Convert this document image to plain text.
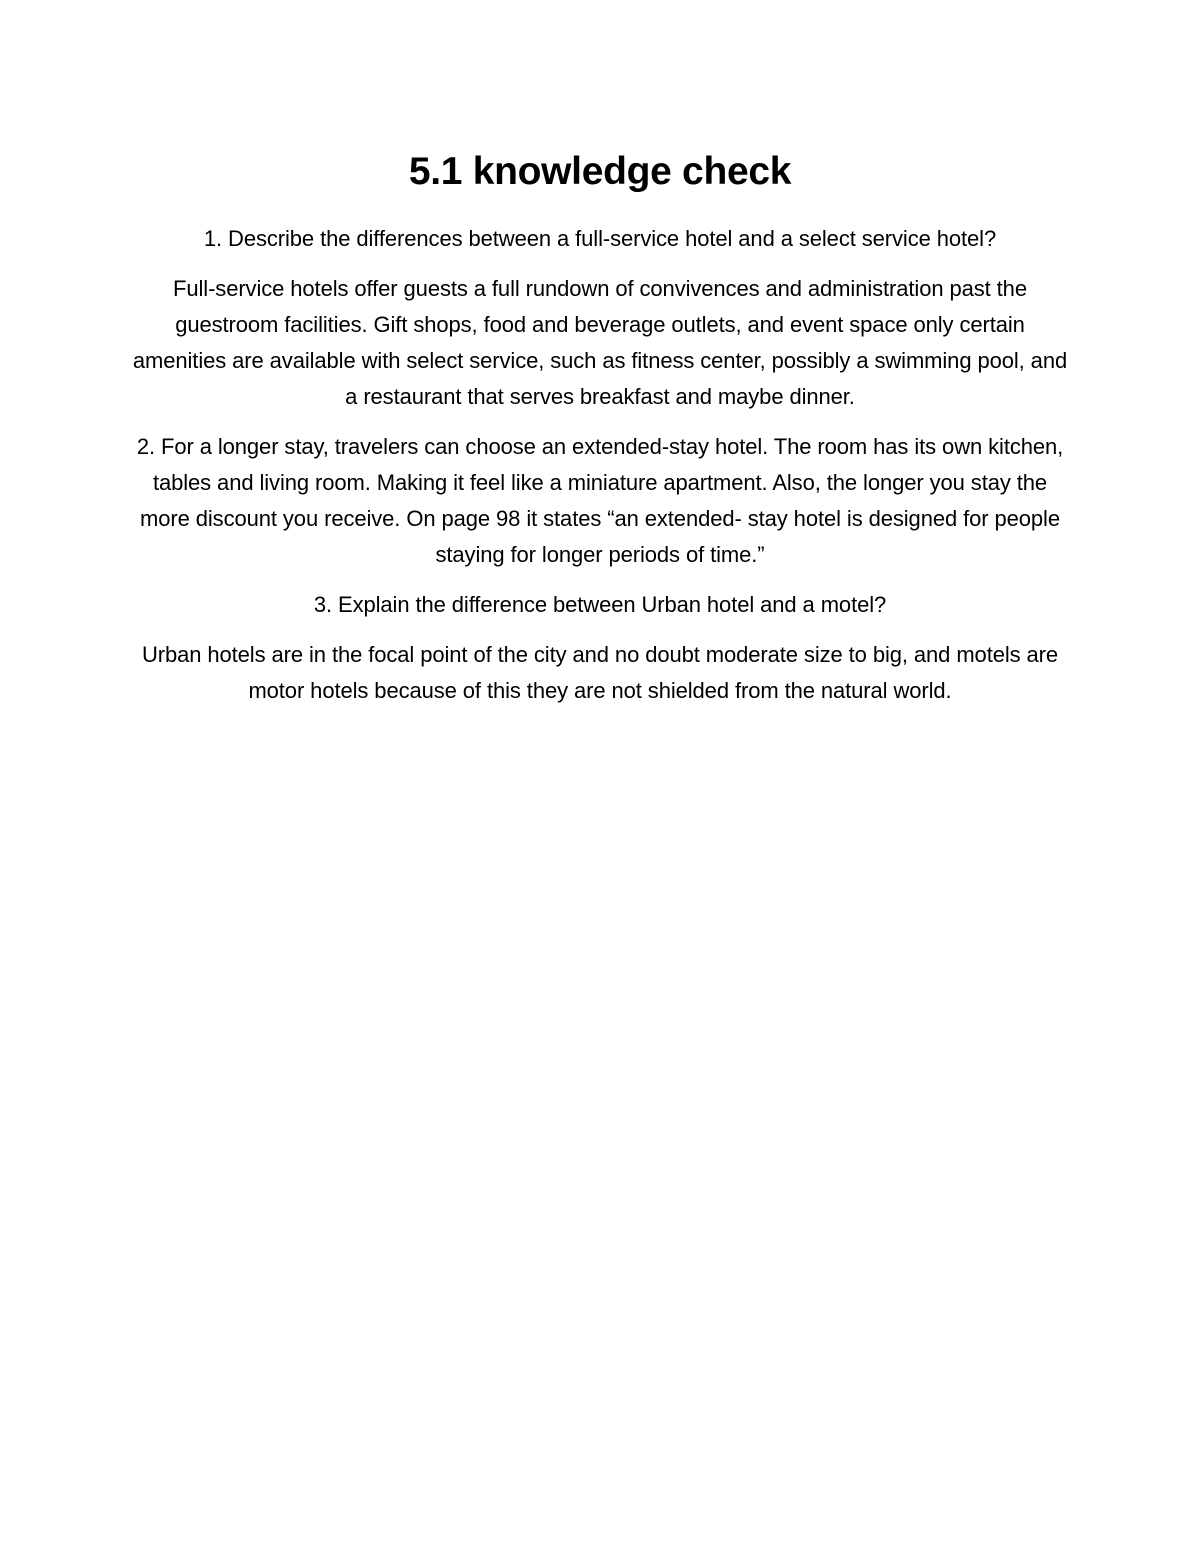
5.1 knowledge check

1. Describe the differences between a full-service hotel and a select service hotel?

Full-service hotels offer guests a full rundown of convivences and administration past the guestroom facilities. Gift shops, food and beverage outlets, and event space only certain amenities are available with select service, such as fitness center, possibly a swimming pool, and a restaurant that serves breakfast and maybe dinner.

2. For a longer stay, travelers can choose an extended-stay hotel. The room has its own kitchen, tables and living room. Making it feel like a miniature apartment. Also, the longer you stay the more discount you receive. On page 98 it states “an extended- stay hotel is designed for people staying for longer periods of time.”

3. Explain the difference between Urban hotel and a motel?

Urban hotels are in the focal point of the city and no doubt moderate size to big, and motels are motor hotels because of this they are not shielded from the natural world.
